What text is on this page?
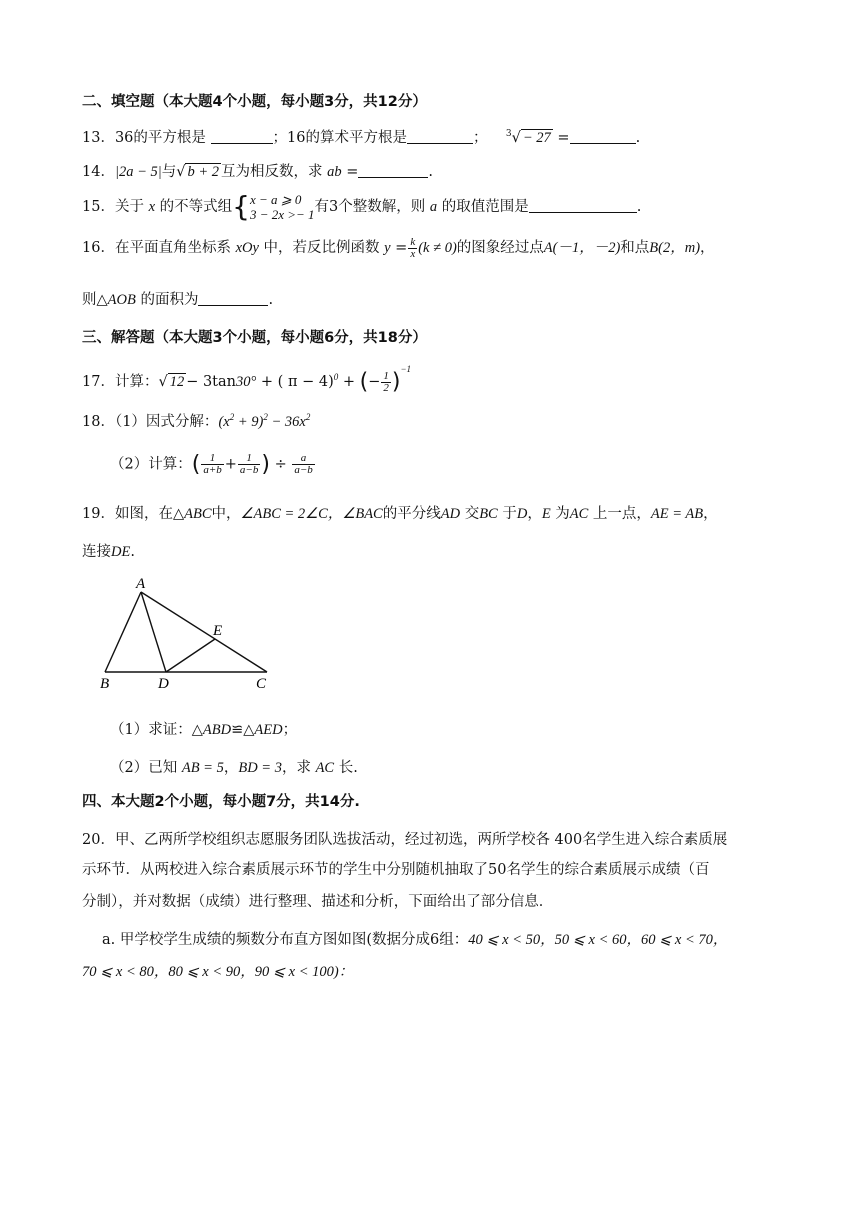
二、填空题（本大题4个小题，每小题3分，共12分）
13．36的平方根是	；16的算术平方根是	； $^3$√ − 27 =	.
14．|2a − 5|与√ b + 2 互为相反数，求 ab =	.
15．关于 x 的不等式组{ x − a ⩾ 0
3 − 2x >− 1 有3个整数解，则 a 的取值范围是	.
16．在平面直角坐标系 xOy 中，若反比例函数 $y = \frac{k}{x} (k \ne 0)$的图象经过点A(－1，－2)和点B(2，m)，
则△AOB 的面积为	.
三、解答题（本大题3个小题，每小题6分，共18分）
17．计算：√ 12 − 3tan30° + ( π − 4)$^0$ + (− $\frac{1}{2} )^{-1}$
18．（1）因式分解：$(x^2 + 9)^2 - 36x^2$
（2）计算：( $\frac{1}{a+b} + \frac{1}{a-b}$ ) ÷ $\frac{a}{a-b}$
19．如图，在△ABC中，∠ABC = 2∠C，∠BAC的平分线AD 交BC 于D，E 为AC 上一点，AE = AB，
连接DE.
A
B	D	C
E
（1）求证：△ABD≌△AED；
（2）已知 AB = 5，BD = 3，求 AC 长.
四、本大题2个小题，每小题7分，共14分.
20．甲、乙两所学校组织志愿服务团队选拔活动，经过初选，两所学校各 400名学生进入综合素质展
示环节．从两校进入综合素质展示环节的学生中分别随机抽取了50名学生的综合素质展示成绩（百
分制），并对数据（成绩）进行整理、描述和分析，下面给出了部分信息．
a. 甲学校学生成绩的频数分布直方图如图(数据分成6组：40 ⩽ x < 50，50 ⩽ x < 60，60 ⩽ x < 70，
70 ⩽ x < 80，80 ⩽ x < 90，90 ⩽ x < 100)：
